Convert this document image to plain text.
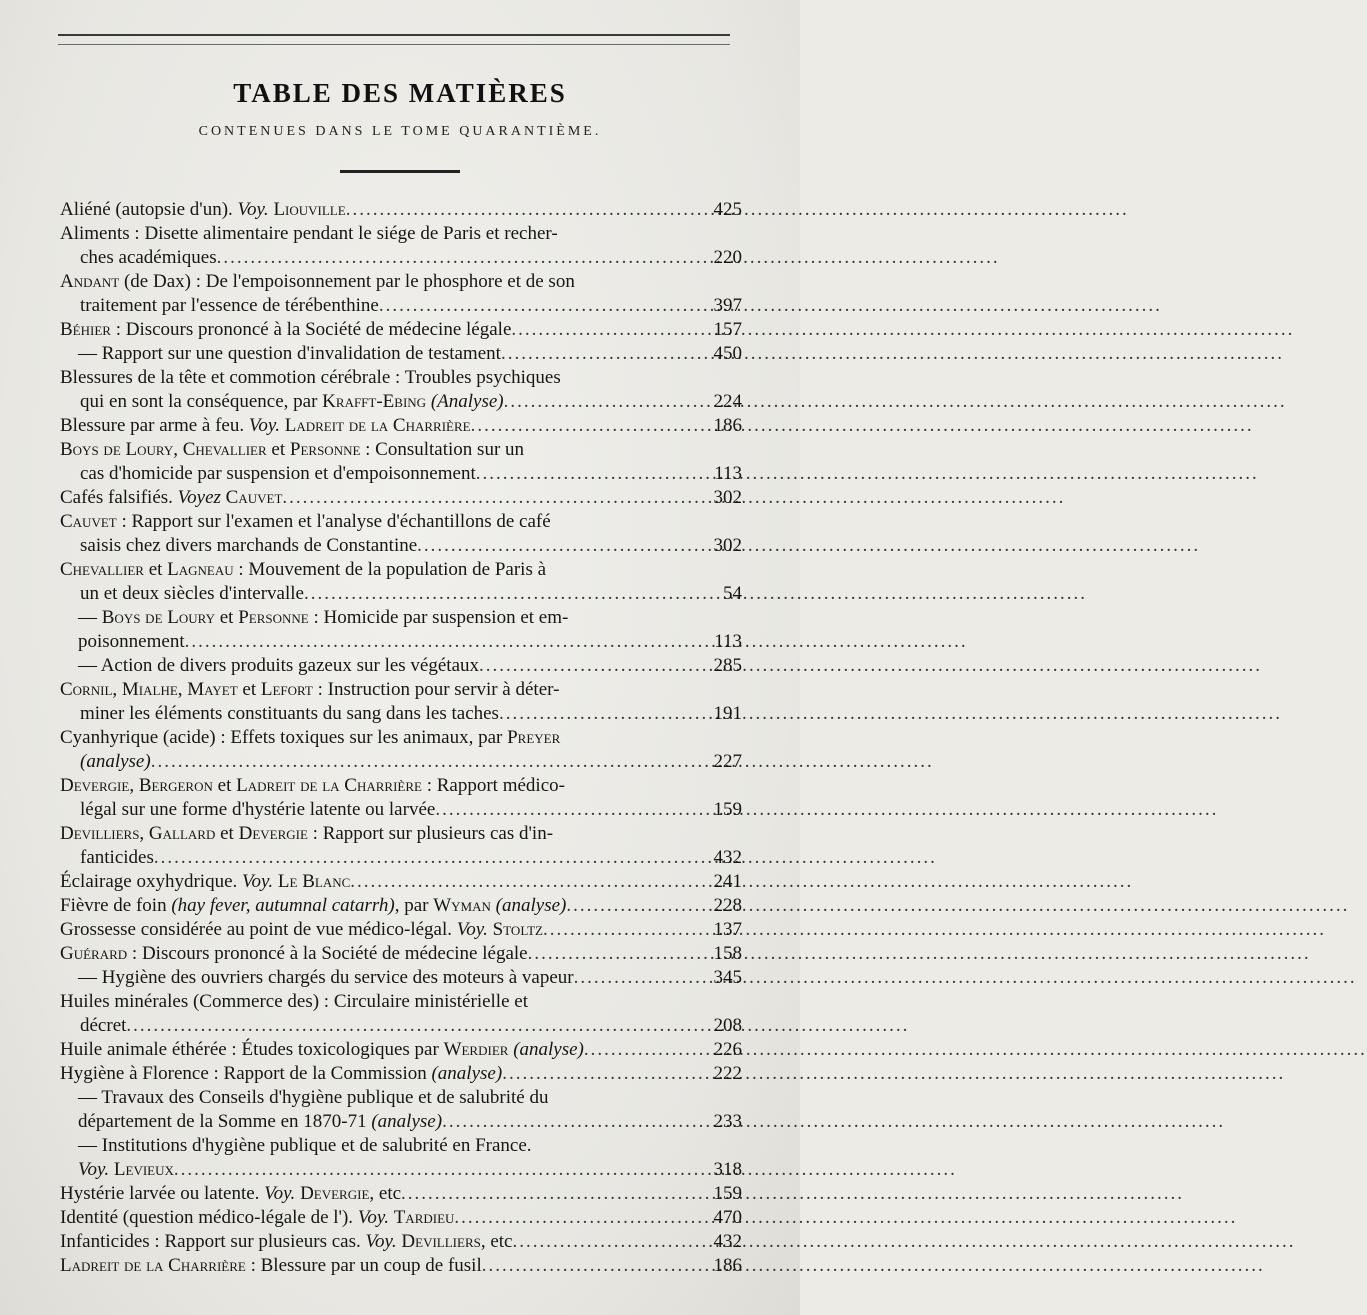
TABLE DES MATIÈRES
CONTENUES DANS LE TOME QUARANTIÈME.
Aliéné (autopsie d'un). Voy. Liouville .....	425
Aliments : Disette alimentaire pendant le siége de Paris et recher-
ches académiques .....	220
Andant (de Dax) : De l'empoisonnement par le phosphore et de son
traitement par l'essence de térébenthine .....	397
Béhier : Discours prononcé à la Société de médecine légale .....	157
— Rapport sur une question d'invalidation de testament .....	450
Blessures de la tête et commotion cérébrale : Troubles psychiques
qui en sont la conséquence, par Krafft-Ebing (Analyse) .....	224
Blessure par arme à feu. Voy. Ladreit de la Charrière .....	186
Boys de Loury, Chevallier et Personne : Consultation sur un
cas d'homicide par suspension et d'empoisonnement .....	113
Cafés falsifiés. Voyez Cauvet .....	302
Cauvet : Rapport sur l'examen et l'analyse d'échantillons de café
saisis chez divers marchands de Constantine .....	302
Chevallier et Lagneau : Mouvement de la population de Paris à
un et deux siècles d'intervalle .....	54
— Boys de Loury et Personne : Homicide par suspension et em-
poisonnement .....	113
— Action de divers produits gazeux sur les végétaux .....	285
Cornil, Mialhe, Mayet et Lefort : Instruction pour servir à déter-
miner les éléments constituants du sang dans les taches .....	191
Cyanhyrique (acide) : Effets toxiques sur les animaux, par Preyer
(analyse) .....	227
Devergie, Bergeron et Ladreit de la Charrière : Rapport médico-
légal sur une forme d'hystérie latente ou larvée .....	159
Devilliers, Gallard et Devergie : Rapport sur plusieurs cas d'in-
fanticides .....	432
Éclairage oxyhydrique. Voy. Le Blanc .....	241
Fièvre de foin (hay fever, autumnal catarrh), par Wyman (analyse) .....	228
Grossesse considérée au point de vue médico-légal. Voy. Stoltz .....	137
Guérard : Discours prononcé à la Société de médecine légale .....	158
— Hygiène des ouvriers chargés du service des moteurs à vapeur .....	345
Huiles minérales (Commerce des) : Circulaire ministérielle et
décret .....	208
Huile animale éthérée : Études toxicologiques par Werdier (analyse) .....	226
Hygiène à Florence : Rapport de la Commission (analyse) .....	222
— Travaux des Conseils d'hygiène publique et de salubrité du
département de la Somme en 1870-71 (analyse) .....	233
— Institutions d'hygiène publique et de salubrité en France.
Voy. Levieux .....	318
Hystérie larvée ou latente. Voy. Devergie, etc .....	159
Identité (question médico-légale de l'). Voy. Tardieu .....	470
Infanticides : Rapport sur plusieurs cas. Voy. Devilliers, etc .....	432
Ladreit de la Charrière : Blessure par un coup de fusil .....	186
